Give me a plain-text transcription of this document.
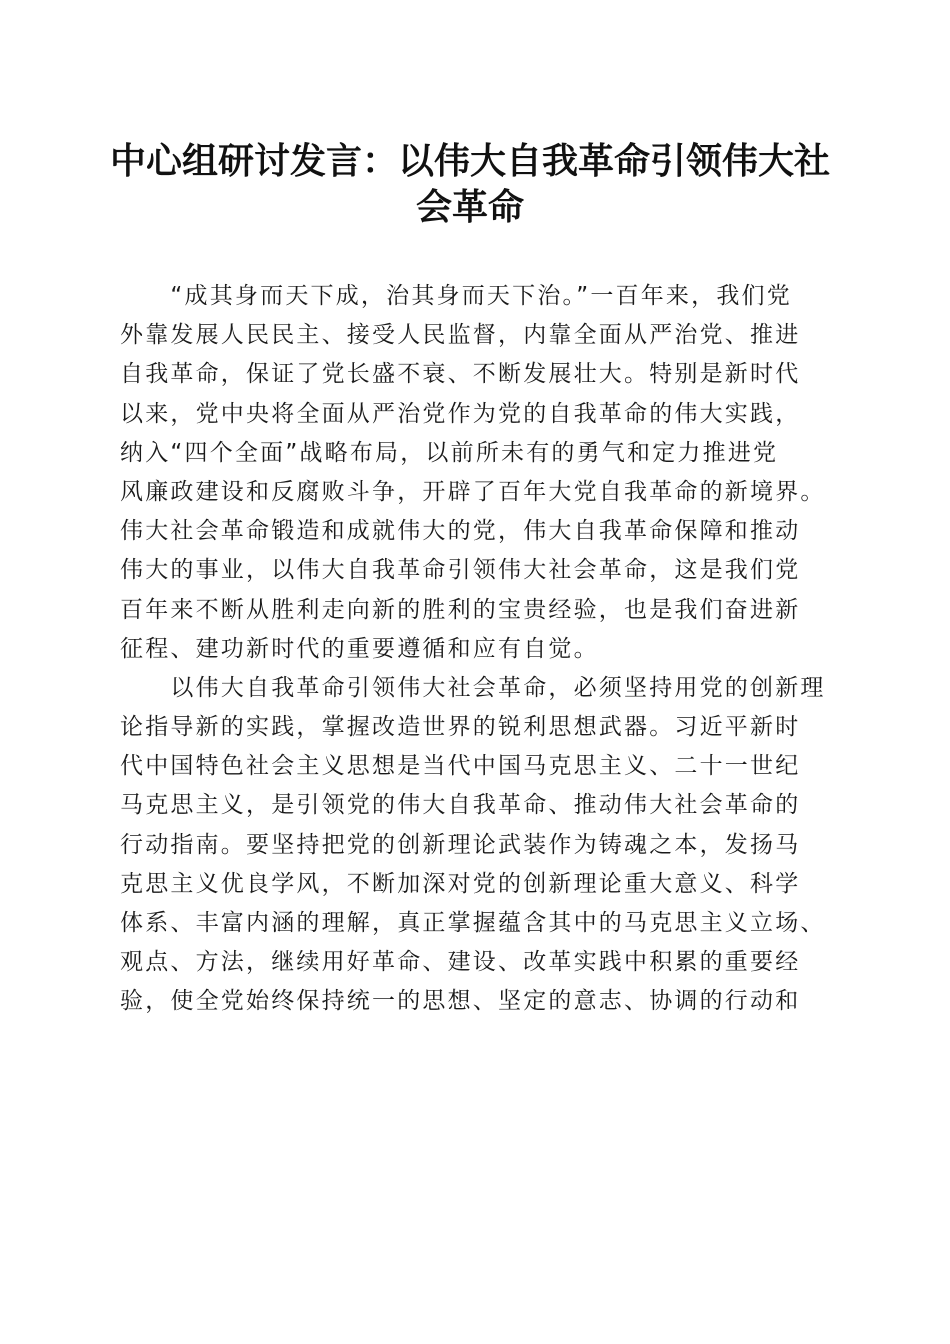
中心组研讨发言：以伟大自我革命引领伟大社
会革命
　　“成其身而天下成，治其身而天下治。”一百年来，我们党
外靠发展人民民主、接受人民监督，内靠全面从严治党、推进
自我革命，保证了党长盛不衰、不断发展壮大。特别是新时代
以来，党中央将全面从严治党作为党的自我革命的伟大实践，
纳入“四个全面”战略布局，以前所未有的勇气和定力推进党
风廉政建设和反腐败斗争，开辟了百年大党自我革命的新境界。
伟大社会革命锻造和成就伟大的党，伟大自我革命保障和推动
伟大的事业，以伟大自我革命引领伟大社会革命，这是我们党
百年来不断从胜利走向新的胜利的宝贵经验，也是我们奋进新
征程、建功新时代的重要遵循和应有自觉。
　　以伟大自我革命引领伟大社会革命，必须坚持用党的创新理
论指导新的实践，掌握改造世界的锐利思想武器。习近平新时
代中国特色社会主义思想是当代中国马克思主义、二十一世纪
马克思主义，是引领党的伟大自我革命、推动伟大社会革命的
行动指南。要坚持把党的创新理论武装作为铸魂之本，发扬马
克思主义优良学风，不断加深对党的创新理论重大意义、科学
体系、丰富内涵的理解，真正掌握蕴含其中的马克思主义立场、
观点、方法，继续用好革命、建设、改革实践中积累的重要经
验，使全党始终保持统一的思想、坚定的意志、协调的行动和
